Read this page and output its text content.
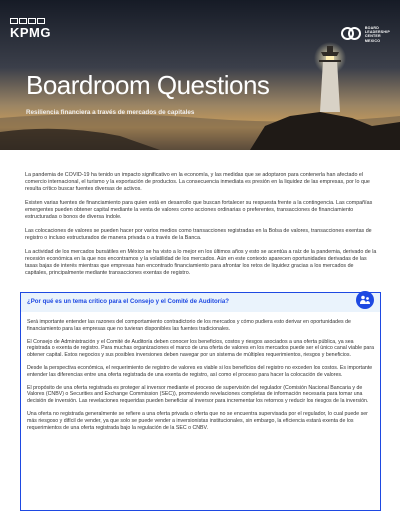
KPMG	BOARD
LEADERSHIP
CENTER
MEXICO
Boardroom Questions
Resiliencia financiera a través de mercados de capitales

La pandemia de COVID-19 ha tenido un impacto significativo en la economía, y las medidas que se adoptaron para contenerla han afectado el comercio internacional, el turismo y la exportación de productos. La consecuencia inmediata es presión en la liquidez de las empresas, por lo que resulta crítico buscar fuentes diversas de activos.

Existen varias fuentes de financiamiento para quien está en desarrollo que buscan fortalecer su respuesta frente a la contingencia. Las compañías emergentes pueden obtener capital mediante la venta de valores como acciones ordinarias o preferentes, transacciones de financiamiento estructuradas o bonos de diversa índole.

Las colocaciones de valores se pueden hacer por varios medios como transacciones registradas en la Bolsa de valores, transacciones exentas de registro o incluso estructurados de manera privada o a través de la Banca.

La actividad de los mercados bursátiles en México se ha visto a lo mejor en los últimos años y esto se acentúa a raíz de la pandemia, derivado de la recesión económica en la que nos encontramos y la volatilidad de los mercados. Aún en este contexto aparecen oportunidades derivadas de las tasas bajas de interés mientras que empresas han encontrado financiamiento para afrontar los retos de liquidez gracias a los mercados de capitales, principalmente mediante transacciones exentas de registro.

¿Por qué es un tema crítico para el Consejo y el Comité de Auditoría?

Será importante entender las razones del comportamiento contradictorio de los mercados y cómo pudiera esto derivar en oportunidades de financiamiento para las empresas que no tuvieran disponibles las fuentes tradicionales.

El Consejo de Administración y el Comité de Auditoría deben conocer los beneficios, costos y riesgos asociados a una oferta pública, ya sea registrada o exenta de registro. Para muchas organizaciones el marco de una oferta de valores en los mercados puede ser el único canal viable para obtener capital. Estos negocios y sus posibles inversiones deben navegar por un sistema de múltiples requerimientos, riesgos y beneficios.

Desde la perspectiva económica, el requerimiento de registro de valores es viable si los beneficios del registro no exceden los costos. Es importante entender las diferencias entre una oferta registrada de una exenta de registro, así como el proceso para hacer la colocación de valores.

El propósito de una oferta registrada es proteger al inversor mediante el proceso de supervisión del regulador (Comisión Nacional Bancaria y de Valores (CNBV) o Securities and Exchange Commission (SEC)), promoviendo revelaciones completas de información necesaria para tomar una decisión de inversión. Las revelaciones requeridas pueden beneficiar al inversor para incrementar los retornos y reducir los riesgos de la inversión.

Una oferta no registrada generalmente se refiere a una oferta privada o oferta que no se encuentra supervisada por el regulador, lo cual puede ser más riesgoso y difícil de vender, ya que solo se puede vender a inversionistas institucionales, sin embargo, la eficiencia estará exenta de los requerimientos de una oferta registrada bajo la regulación de la SEC o CNBV.
